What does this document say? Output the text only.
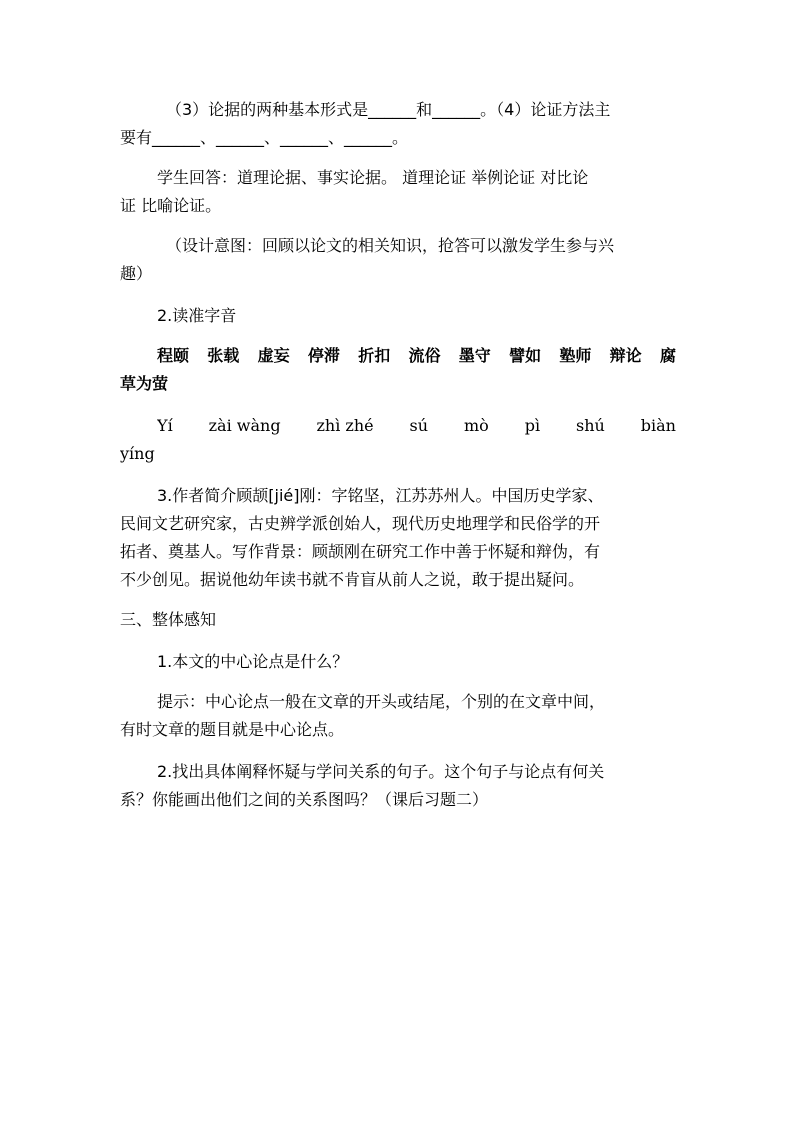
（3）论据的两种基本形式是______和______。（4）论证方法主
要有______、______、______、______。
学生回答：道理论据、事实论据。 道理论证 举例论证 对比论
证 比喻论证。
（设计意图：回顾以论文的相关知识，抢答可以激发学生参与兴
趣）
2.读准字音
程颐 张载 虚妄 停滞 折扣 流俗 墨守 譬如 塾师 辩论 腐
草为萤
Yí zài wàng zhì zhé sú mò pì shú biàn
yíng
3.作者简介顾颉[jié]刚：字铭坚，江苏苏州人。中国历史学家、
民间文艺研究家，古史辨学派创始人，现代历史地理学和民俗学的开
拓者、奠基人。写作背景：顾颉刚在研究工作中善于怀疑和辩伪，有
不少创见。据说他幼年读书就不肯盲从前人之说，敢于提出疑问。
三、整体感知
1.本文的中心论点是什么？
提示：中心论点一般在文章的开头或结尾，个别的在文章中间，
有时文章的题目就是中心论点。
2.找出具体阐释怀疑与学问关系的句子。这个句子与论点有何关
系？你能画出他们之间的关系图吗？（课后习题二）
